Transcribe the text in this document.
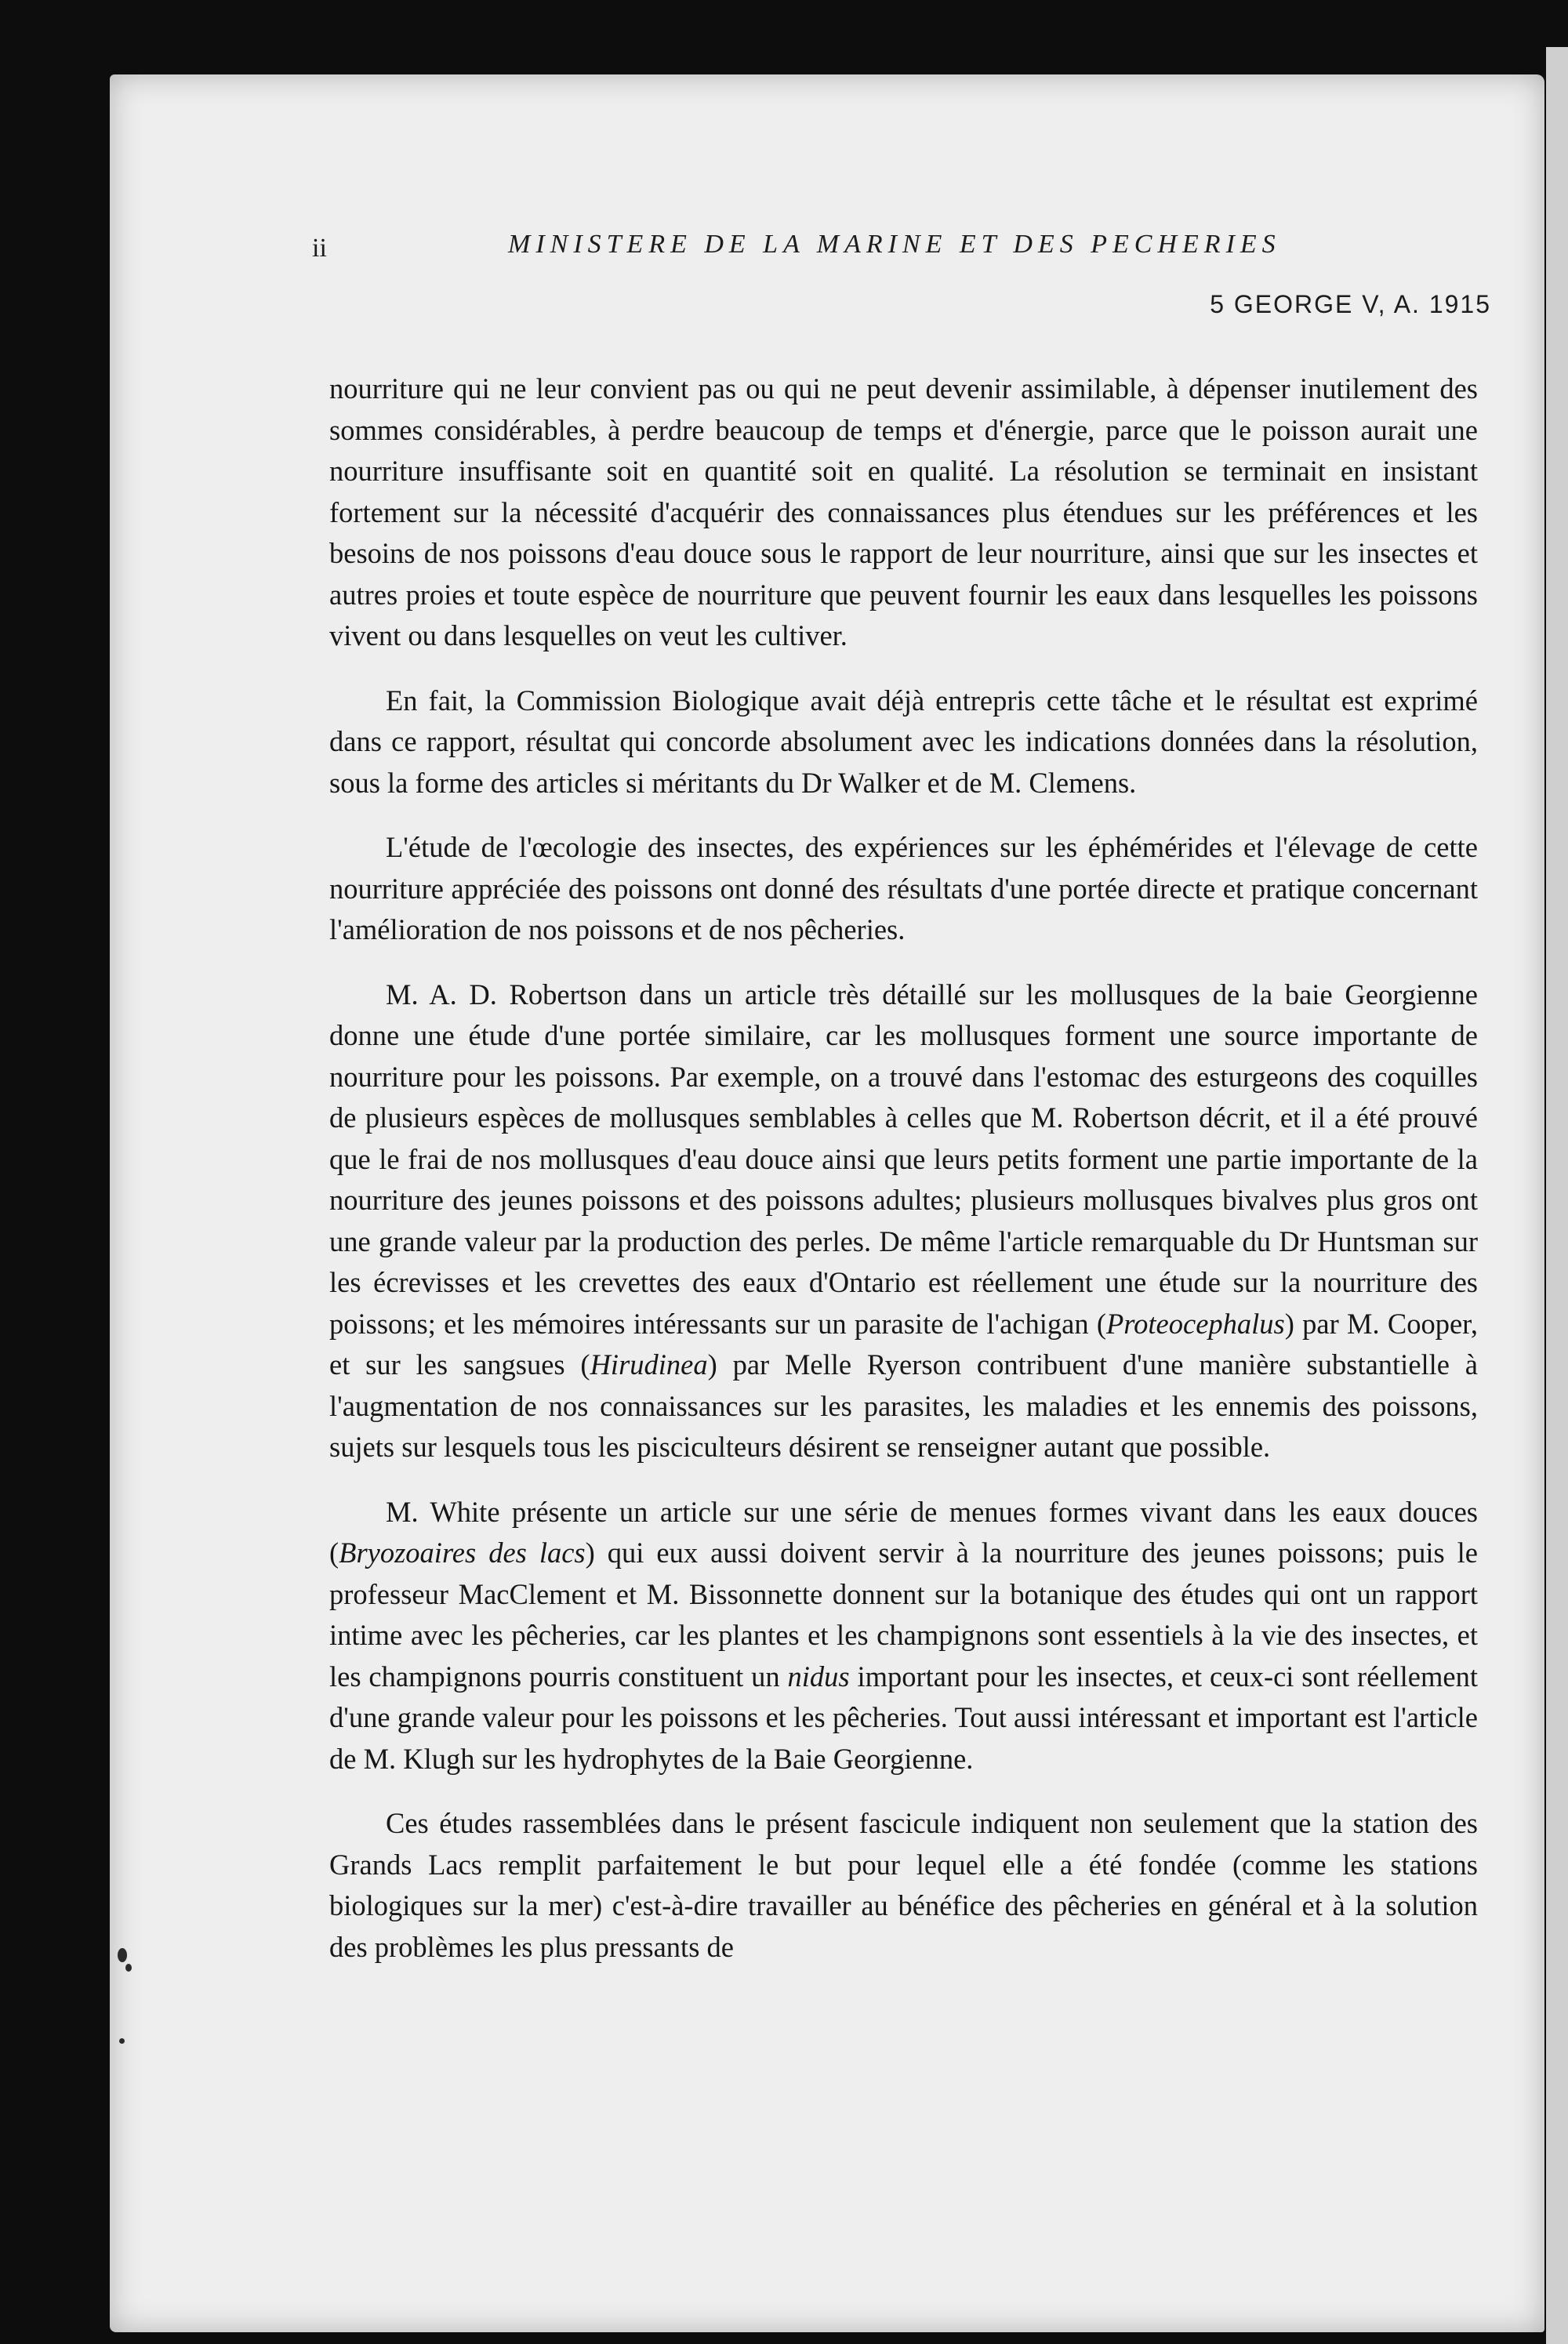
ii	MINISTERE DE LA MARINE ET DES PECHERIES
5 GEORGE V, A. 1915

nourriture qui ne leur convient pas ou qui ne peut devenir assimilable, à dépenser inutilement des sommes considérables, à perdre beaucoup de temps et d'énergie, parce que le poisson aurait une nourriture insuffisante soit en quantité soit en qualité. La résolution se terminait en insistant fortement sur la nécessité d'acquérir des connaissances plus étendues sur les préférences et les besoins de nos poissons d'eau douce sous le rapport de leur nourriture, ainsi que sur les insectes et autres proies et toute espèce de nourriture que peuvent fournir les eaux dans lesquelles les poissons vivent ou dans lesquelles on veut les cultiver.

En fait, la Commission Biologique avait déjà entrepris cette tâche et le résultat est exprimé dans ce rapport, résultat qui concorde absolument avec les indications données dans la résolution, sous la forme des articles si méritants du Dr Walker et de M. Clemens.

L'étude de l'œcologie des insectes, des expériences sur les éphémérides et l'élevage de cette nourriture appréciée des poissons ont donné des résultats d'une portée directe et pratique concernant l'amélioration de nos poissons et de nos pêcheries.

M. A. D. Robertson dans un article très détaillé sur les mollusques de la baie Georgienne donne une étude d'une portée similaire, car les mollusques forment une source importante de nourriture pour les poissons. Par exemple, on a trouvé dans l'estomac des esturgeons des coquilles de plusieurs espèces de mollusques semblables à celles que M. Robertson décrit, et il a été prouvé que le frai de nos mollusques d'eau douce ainsi que leurs petits forment une partie importante de la nourriture des jeunes poissons et des poissons adultes; plusieurs mollusques bivalves plus gros ont une grande valeur par la production des perles. De même l'article remarquable du Dr Huntsman sur les écrevisses et les crevettes des eaux d'Ontario est réellement une étude sur la nourriture des poissons; et les mémoires intéressants sur un parasite de l'achigan (Proteocephalus) par M. Cooper, et sur les sangsues (Hirudinea) par Melle Ryerson contribuent d'une manière substantielle à l'augmentation de nos connaissances sur les parasites, les maladies et les ennemis des poissons, sujets sur lesquels tous les pisciculteurs désirent se renseigner autant que possible.

M. White présente un article sur une série de menues formes vivant dans les eaux douces (Bryozoaires des lacs) qui eux aussi doivent servir à la nourriture des jeunes poissons; puis le professeur MacClement et M. Bissonnette donnent sur la botanique des études qui ont un rapport intime avec les pêcheries, car les plantes et les champignons sont essentiels à la vie des insectes, et les champignons pourris constituent un nidus important pour les insectes, et ceux-ci sont réellement d'une grande valeur pour les poissons et les pêcheries. Tout aussi intéressant et important est l'article de M. Klugh sur les hydrophytes de la Baie Georgienne.

Ces études rassemblées dans le présent fascicule indiquent non seulement que la station des Grands Lacs remplit parfaitement le but pour lequel elle a été fondée (comme les stations biologiques sur la mer) c'est-à-dire travailler au bénéfice des pêcheries en général et à la solution des problèmes les plus pressants de
